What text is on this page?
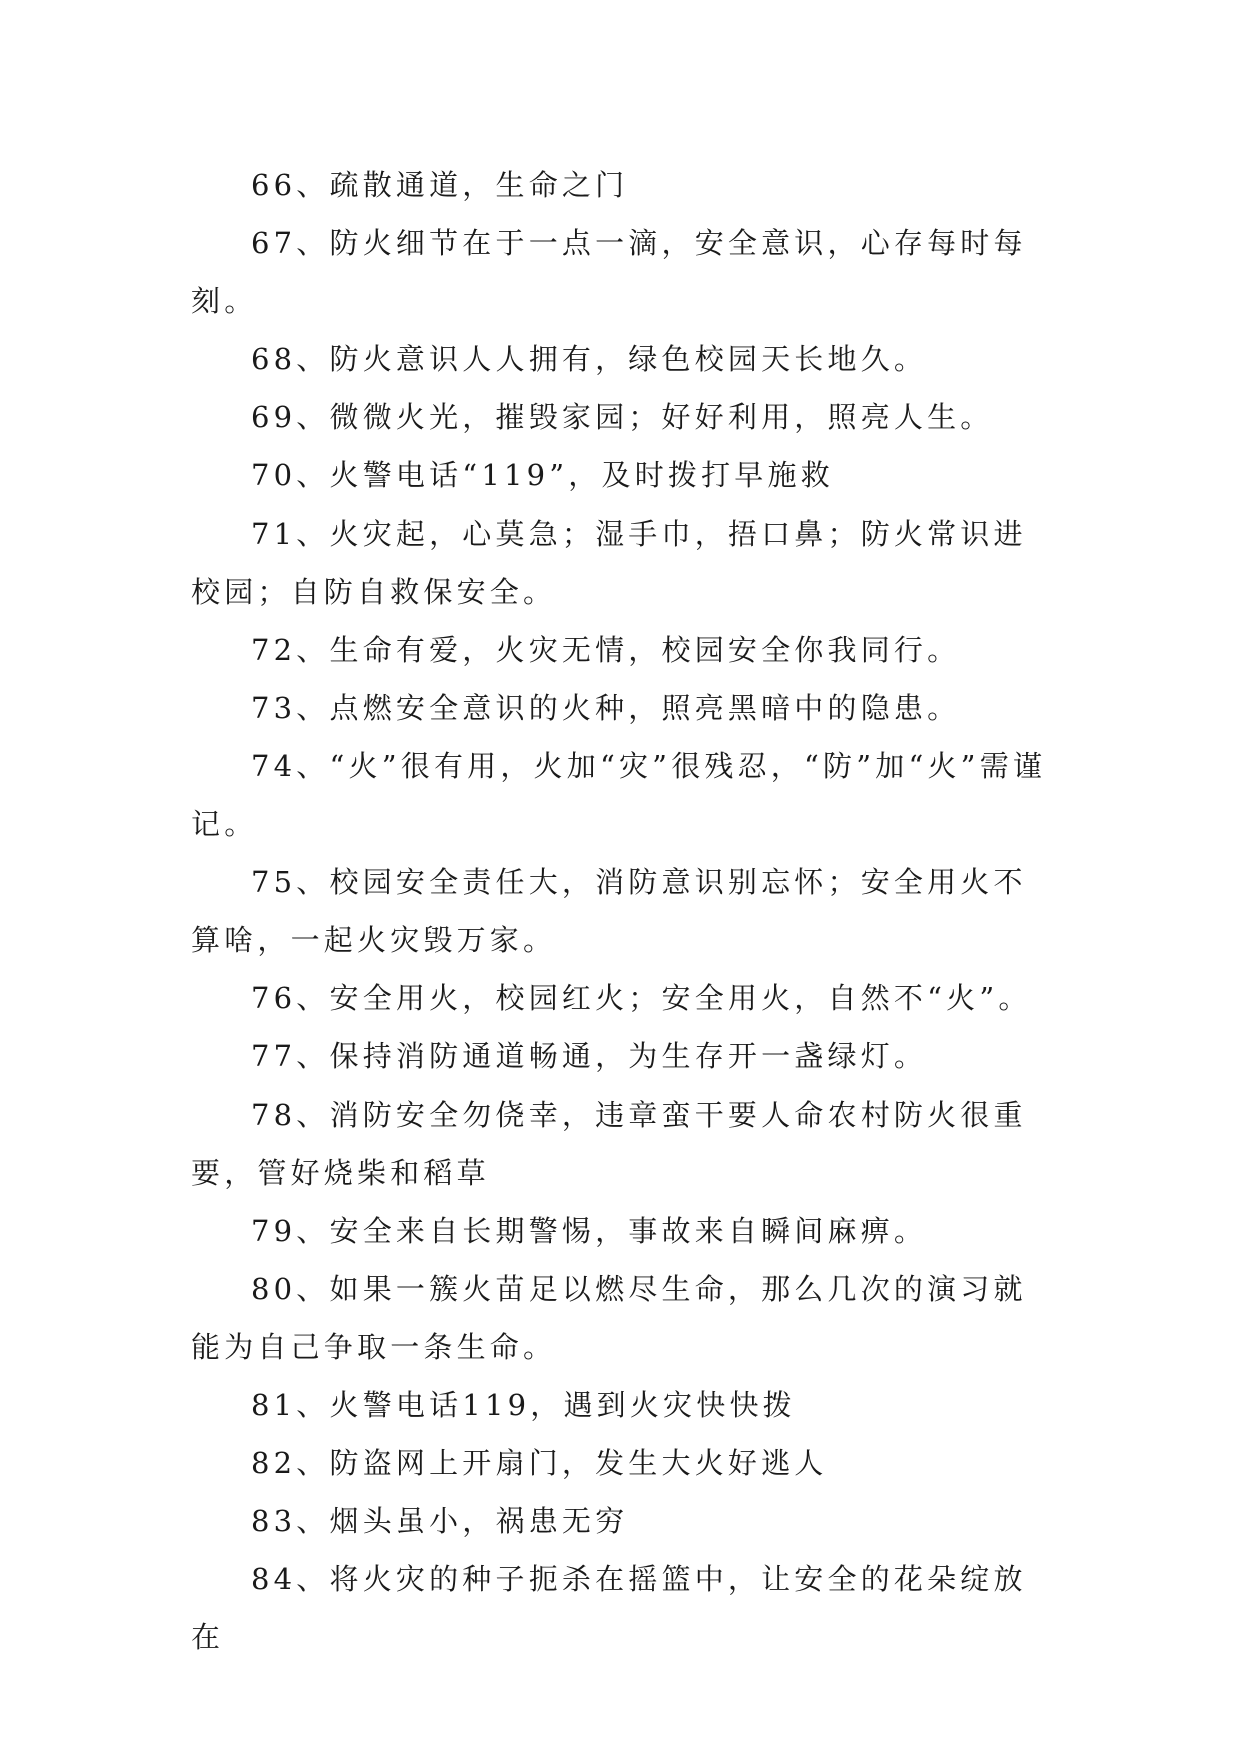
66、疏散通道，生命之门

67、防火细节在于一点一滴，安全意识，心存每时每刻。

68、防火意识人人拥有，绿色校园天长地久。

69、微微火光，摧毁家园；好好利用，照亮人生。

70、火警电话“119”，及时拨打早施救

71、火灾起，心莫急；湿手巾，捂口鼻；防火常识进校园；自防自救保安全。

72、生命有爱，火灾无情，校园安全你我同行。

73、点燃安全意识的火种，照亮黑暗中的隐患。

74、“火”很有用，火加“灾”很残忍，“防”加“火”需谨记。

75、校园安全责任大，消防意识别忘怀；安全用火不算啥，一起火灾毁万家。

76、安全用火，校园红火；安全用火，自然不“火”。

77、保持消防通道畅通，为生存开一盏绿灯。

78、消防安全勿侥幸，违章蛮干要人命农村防火很重要，管好烧柴和稻草

79、安全来自长期警惕，事故来自瞬间麻痹。

80、如果一簇火苗足以燃尽生命，那么几次的演习就能为自己争取一条生命。

81、火警电话119，遇到火灾快快拨

82、防盗网上开扇门，发生大火好逃人

83、烟头虽小，祸患无穷

84、将火灾的种子扼杀在摇篮中，让安全的花朵绽放在
